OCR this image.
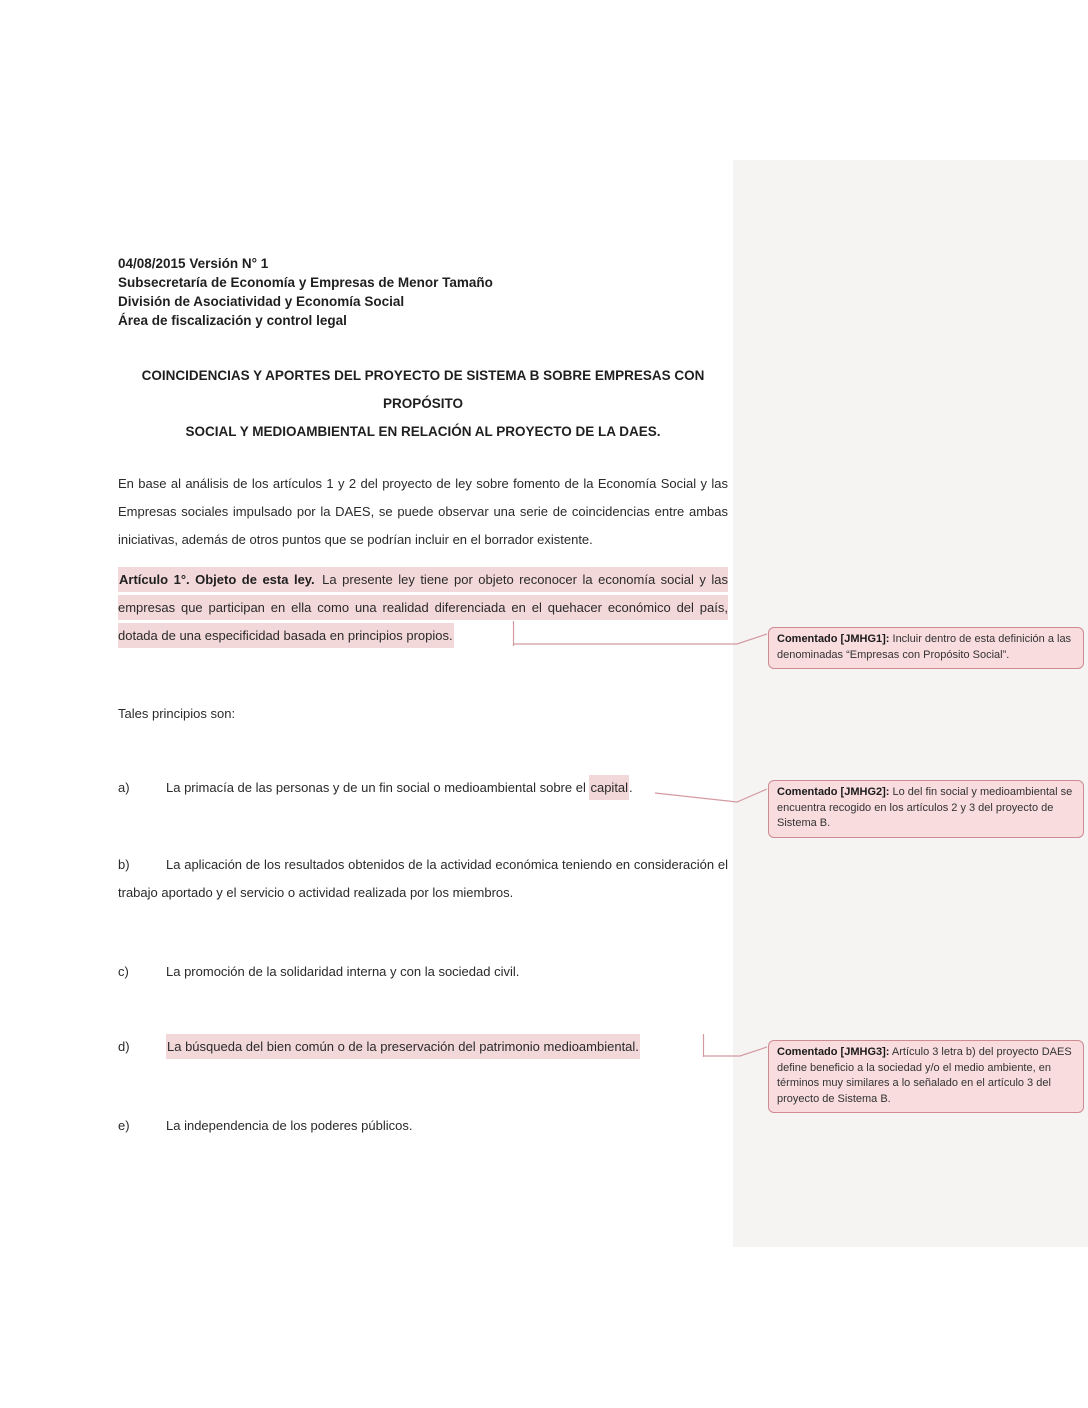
04/08/2015 Versión N° 1
Subsecretaría de Economía y Empresas de Menor Tamaño
División de Asociatividad y Economía Social
Área de fiscalización y control legal
COINCIDENCIAS Y APORTES DEL PROYECTO DE SISTEMA B SOBRE EMPRESAS CON PROPÓSITO
SOCIAL Y MEDIOAMBIENTAL EN RELACIÓN AL PROYECTO DE LA DAES.
En base al análisis de los artículos 1 y 2 del proyecto de ley sobre fomento de la Economía Social y las Empresas sociales impulsado por la DAES, se puede observar una serie de coincidencias entre ambas iniciativas, además de otros puntos que se podrían incluir en el borrador existente.
Artículo 1°. Objeto de esta ley. La presente ley tiene por objeto reconocer la economía social y las empresas que participan en ella como una realidad diferenciada en el quehacer económico del país, dotada de una especificidad basada en principios propios.
Tales principios son:
a)	La primacía de las personas y de un fin social o medioambiental sobre el capital.
b)	La aplicación de los resultados obtenidos de la actividad económica teniendo en consideración el trabajo aportado y el servicio o actividad realizada por los miembros.
c)	La promoción de la solidaridad interna y con la sociedad civil.
d)	La búsqueda del bien común o de la preservación del patrimonio medioambiental.
e)	La independencia de los poderes públicos.
Comentado [JMHG1]: Incluir dentro de esta definición a las denominadas “Empresas con Propósito Social”.
Comentado [JMHG2]: Lo del fin social y medioambiental se encuentra recogido en los artículos 2 y 3 del proyecto de Sistema B.
Comentado [JMHG3]: Artículo 3 letra b) del proyecto DAES define beneficio a la sociedad y/o el medio ambiente, en términos muy similares a lo señalado en el artículo 3 del proyecto de Sistema B.
